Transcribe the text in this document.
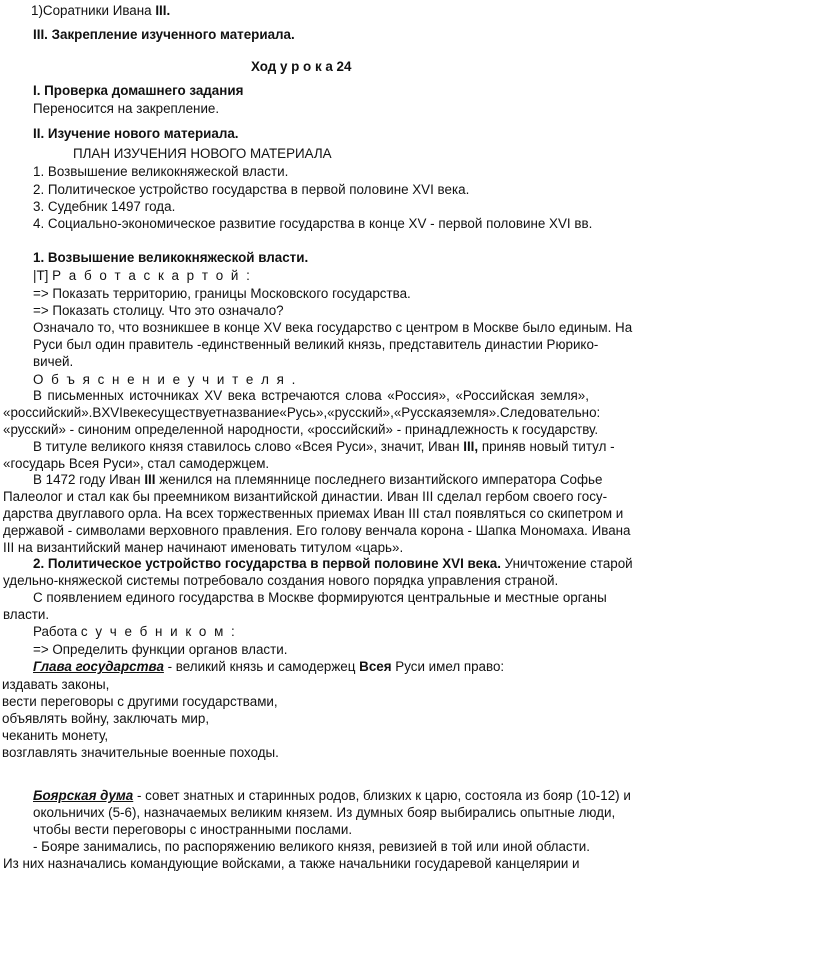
1)Соратники Ивана III.
III. Закрепление изученного материала.
Ход у р о к а 24
I. Проверка домашнего задания
Переносится на закрепление.
II. Изучение нового материала.
ПЛАН ИЗУЧЕНИЯ НОВОГО МАТЕРИАЛА
1. Возвышение великокняжеской власти.
2. Политическое устройство государства в первой половине XVI века.
3. Судебник 1497 года.
4. Социально-экономическое развитие государства в конце XV - первой половине XVI вв.
1. Возвышение великокняжеской власти.
|Т] Р а б о т а с к а р т о й :
=> Показать территорию, границы Московского государства.
=> Показать столицу. Что это означало?
Означало то, что возникшее в конце XV века государство с центром в Москве было единым. На
Руси был один правитель -единственный великий князь, представитель династии Рюрико-
вичей.
О б ъ я с н е н и е у ч и т е л я .
В письменных источниках XV века встречаются слова «Россия», «Российская земля»,
«российский». В XVI веке существует название «Русь», «русский», «Русская земля». Следовательно:
«русский» - синоним определенной народности, «российский» - принадлежность к государству.
В титуле великого князя ставилось слово «Всея Руси», значит, Иван III, приняв новый титул -
«государь Всея Руси», стал самодержцем.
В 1472 году Иван III женился на племяннице последнего византийского императора Софье
Палеолог и стал как бы преемником византийской династии. Иван III сделал гербом своего госу-
дарства двуглавого орла. На всех торжественных приемах Иван III стал появляться со скипетром и
державой - символами верховного правления. Его голову венчала корона - Шапка Мономаха. Ивана
III на византийский манер начинают именовать титулом «царь».
2. Политическое устройство государства в первой половине XVI века. Уничтожение старой
удельно-княжеской системы потребовало создания нового порядка управления страной.
С появлением единого государства в Москве формируются центральные и местные органы
власти.
Работа с у ч е б н и к о м :
=> Определить функции органов власти.
Глава государства - великий князь и самодержец Всея Руси имел право:
издавать законы,
вести переговоры с другими государствами,
объявлять войну, заключать мир,
чеканить монету,
возглавлять значительные военные походы.
Боярская дума - совет знатных и старинных родов, близких к царю, состояла из бояр (10-12) и
окольничих (5-6), назначаемых великим князем. Из думных бояр выбирались опытные люди,
чтобы вести переговоры с иностранными послами.
- Бояре занимались, по распоряжению великого князя, ревизией в той или иной области.
Из них назначались командующие войсками, а также начальники государевой канцелярии и
